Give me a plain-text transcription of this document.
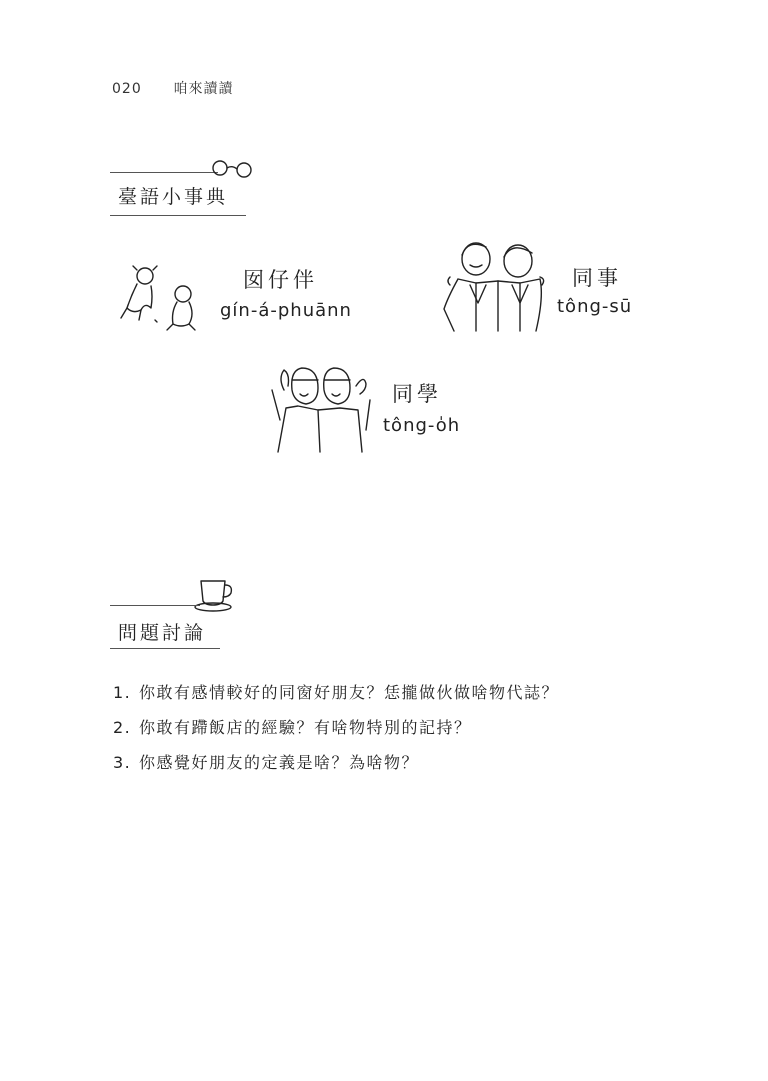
020 咱來讀讀
臺語小事典
囡仔伴
gín-á-phuānn
同事
tông-sū
同學
tông-o̍h
問題討論
1. 你敢有感情較好的同窗好朋友？恁攏做伙做啥物代誌？
2. 你敢有蹛飯店的經驗？有啥物特別的記持？
3. 你感覺好朋友的定義是啥？為啥物？
